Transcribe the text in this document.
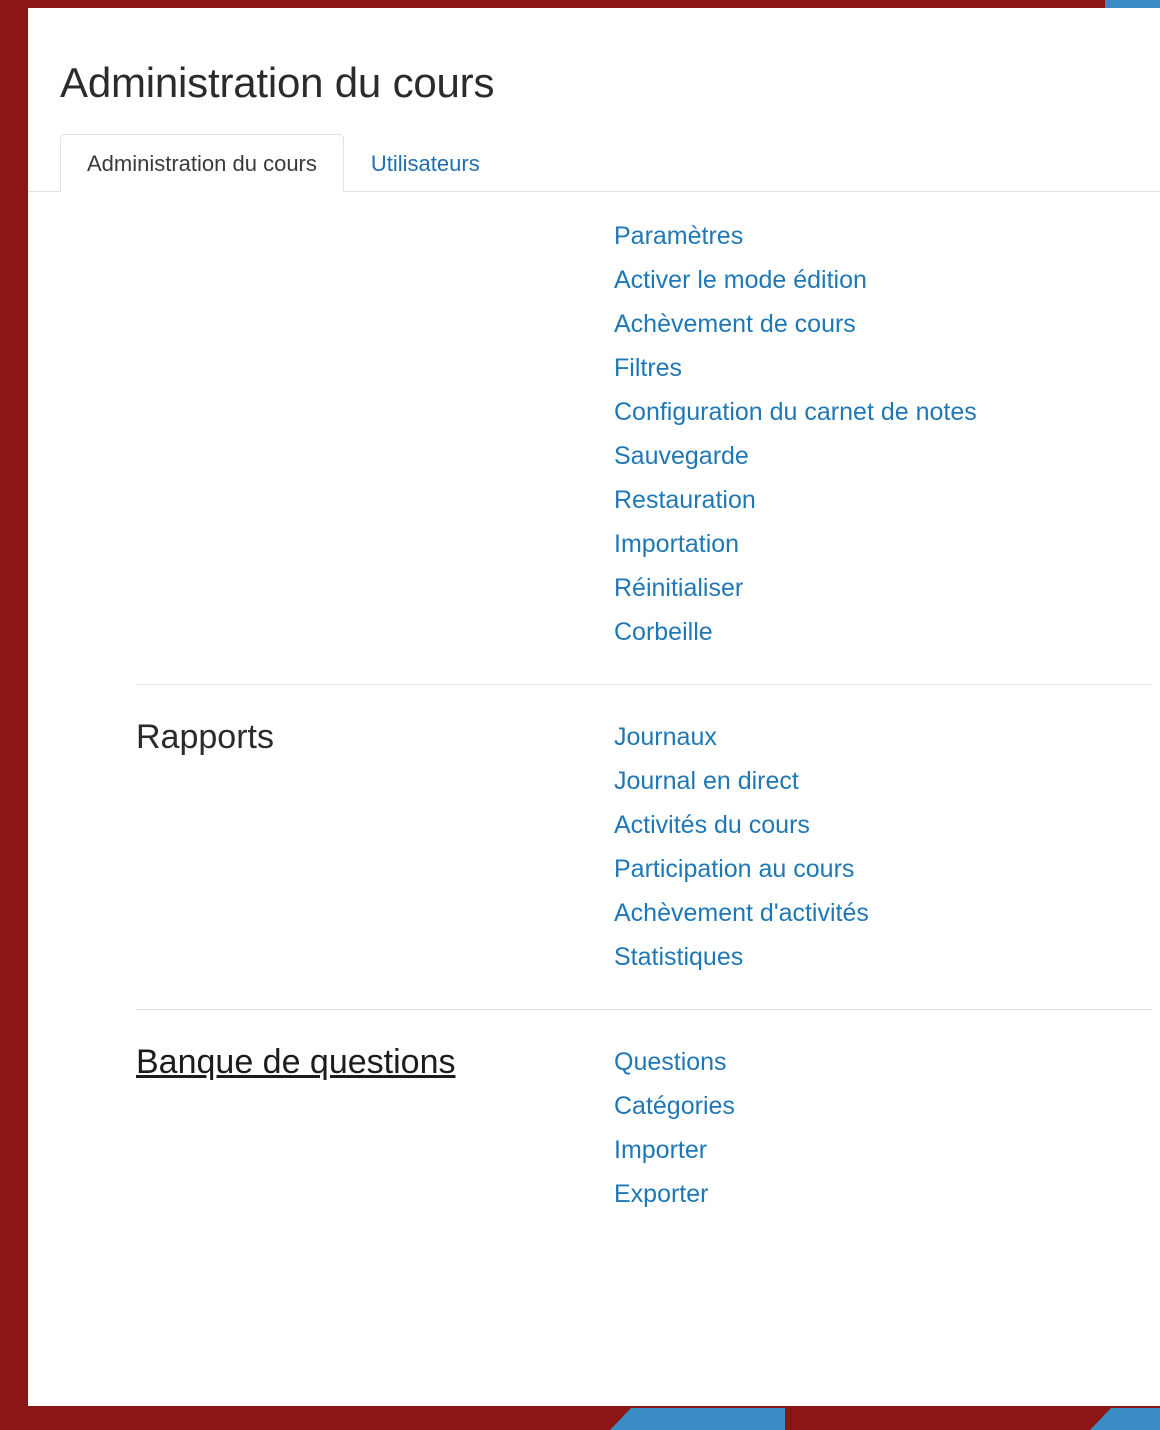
Administration du cours
Administration du cours	Utilisateurs
Paramètres
Activer le mode édition
Achèvement de cours
Filtres
Configuration du carnet de notes
Sauvegarde
Restauration
Importation
Réinitialiser
Corbeille
Rapports	Journaux
Journal en direct
Activités du cours
Participation au cours
Achèvement d'activités
Statistiques
Banque de questions	Questions
Catégories
Importer
Exporter
